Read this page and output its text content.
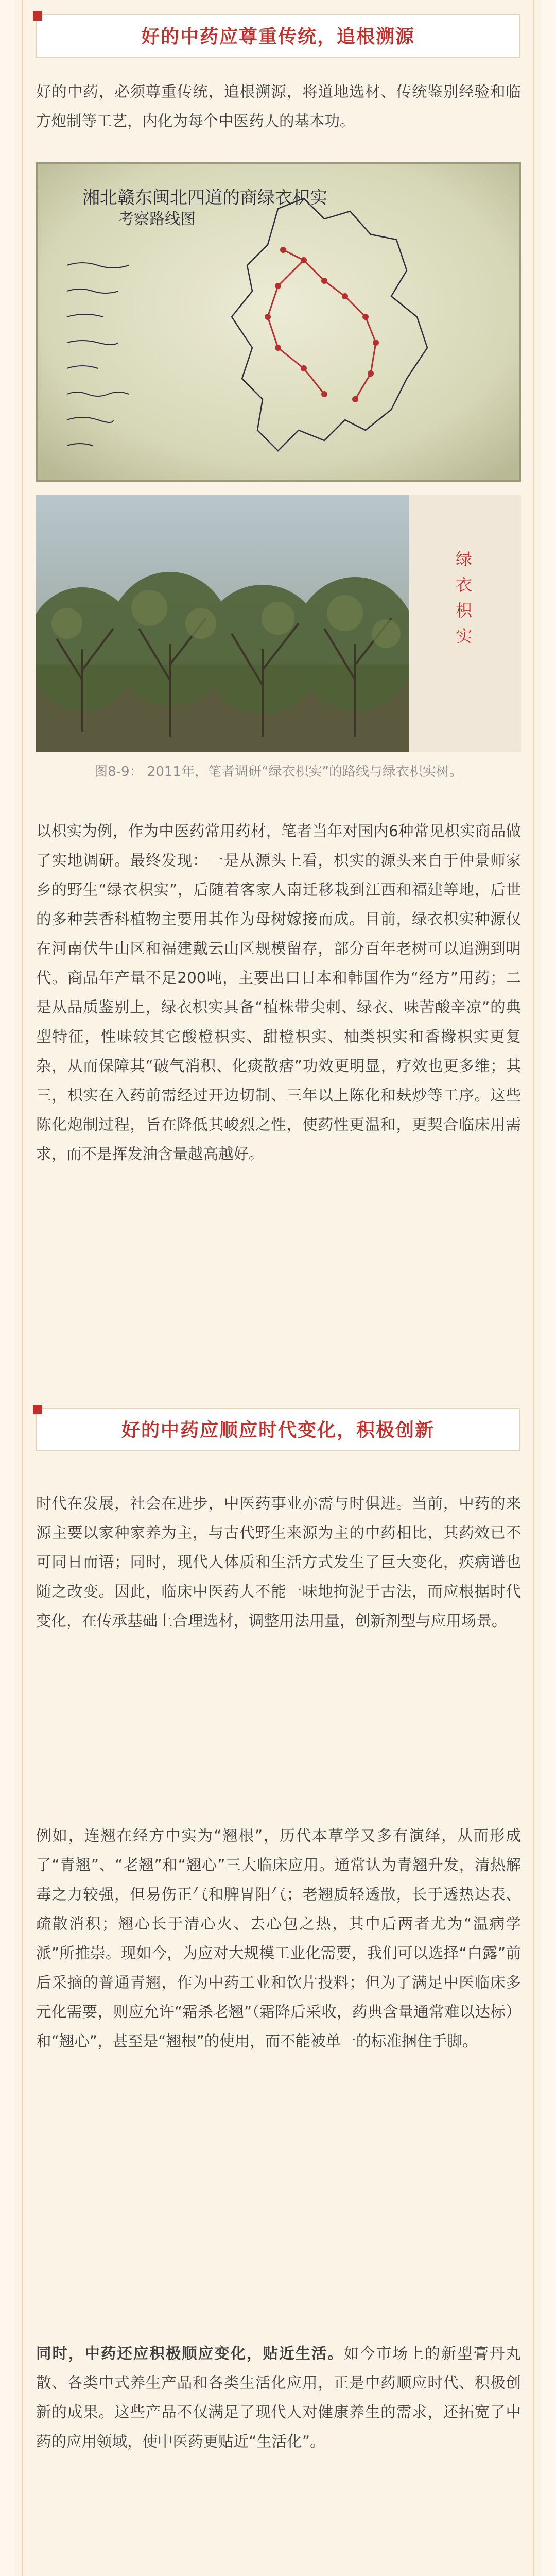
好的中药应尊重传统，追根溯源

好的中药，必须尊重传统，追根溯源，将道地选材、传统鉴别经验和临方炮制等工艺，内化为每个中医药人的基本功。

湘北赣东闽北四道的商绿衣枳实
考察路线图
绿
衣
枳
实
图8-9： 2011年，笔者调研“绿衣枳实”的路线与绿衣枳实树。

以枳实为例，作为中医药常用药材，笔者当年对国内6种常见枳实商品做了实地调研。最终发现：一是从源头上看，枳实的源头来自于仲景师家乡的野生“绿衣枳实”，后随着客家人南迁移栽到江西和福建等地，后世的多种芸香科植物主要用其作为母树嫁接而成。目前，绿衣枳实种源仅在河南伏牛山区和福建戴云山区规模留存，部分百年老树可以追溯到明代。商品年产量不足200吨，主要出口日本和韩国作为“经方”用药；二是从品质鉴别上，绿衣枳实具备“植株带尖刺、绿衣、味苦酸辛凉”的典型特征，性味较其它酸橙枳实、甜橙枳实、柚类枳实和香橼枳实更复杂，从而保障其“破气消积、化痰散痞”功效更明显，疗效也更多维；其三，枳实在入药前需经过开边切制、三年以上陈化和麸炒等工序。这些陈化炮制过程，旨在降低其峻烈之性，使药性更温和，更契合临床用需求，而不是挥发油含量越高越好。

好的中药应顺应时代变化，积极创新

时代在发展，社会在进步，中医药事业亦需与时俱进。当前，中药的来源主要以家种家养为主，与古代野生来源为主的中药相比，其药效已不可同日而语；同时，现代人体质和生活方式发生了巨大变化，疾病谱也随之改变。因此，临床中医药人不能一味地拘泥于古法，而应根据时代变化，在传承基础上合理选材，调整用法用量，创新剂型与应用场景。

例如，连翘在经方中实为“翘根”，历代本草学又多有演绎，从而形成了“青翘”、“老翘”和“翘心”三大临床应用。通常认为青翘升发，清热解毒之力较强，但易伤正气和脾胃阳气；老翘质轻透散，长于透热达表、疏散消积；翘心长于清心火、去心包之热，其中后两者尤为“温病学派”所推崇。现如今，为应对大规模工业化需要，我们可以选择“白露”前后采摘的普通青翘，作为中药工业和饮片投料；但为了满足中医临床多元化需要，则应允许“霜杀老翘”（霜降后采收，药典含量通常难以达标）和“翘心”，甚至是“翘根”的使用，而不能被单一的标准捆住手脚。

同时，中药还应积极顺应变化，贴近生活。如今市场上的新型膏丹丸散、各类中式养生产品和各类生活化应用，正是中药顺应时代、积极创新的成果。这些产品不仅满足了现代人对健康养生的需求，还拓宽了中药的应用领域，使中医药更贴近“生活化”。
